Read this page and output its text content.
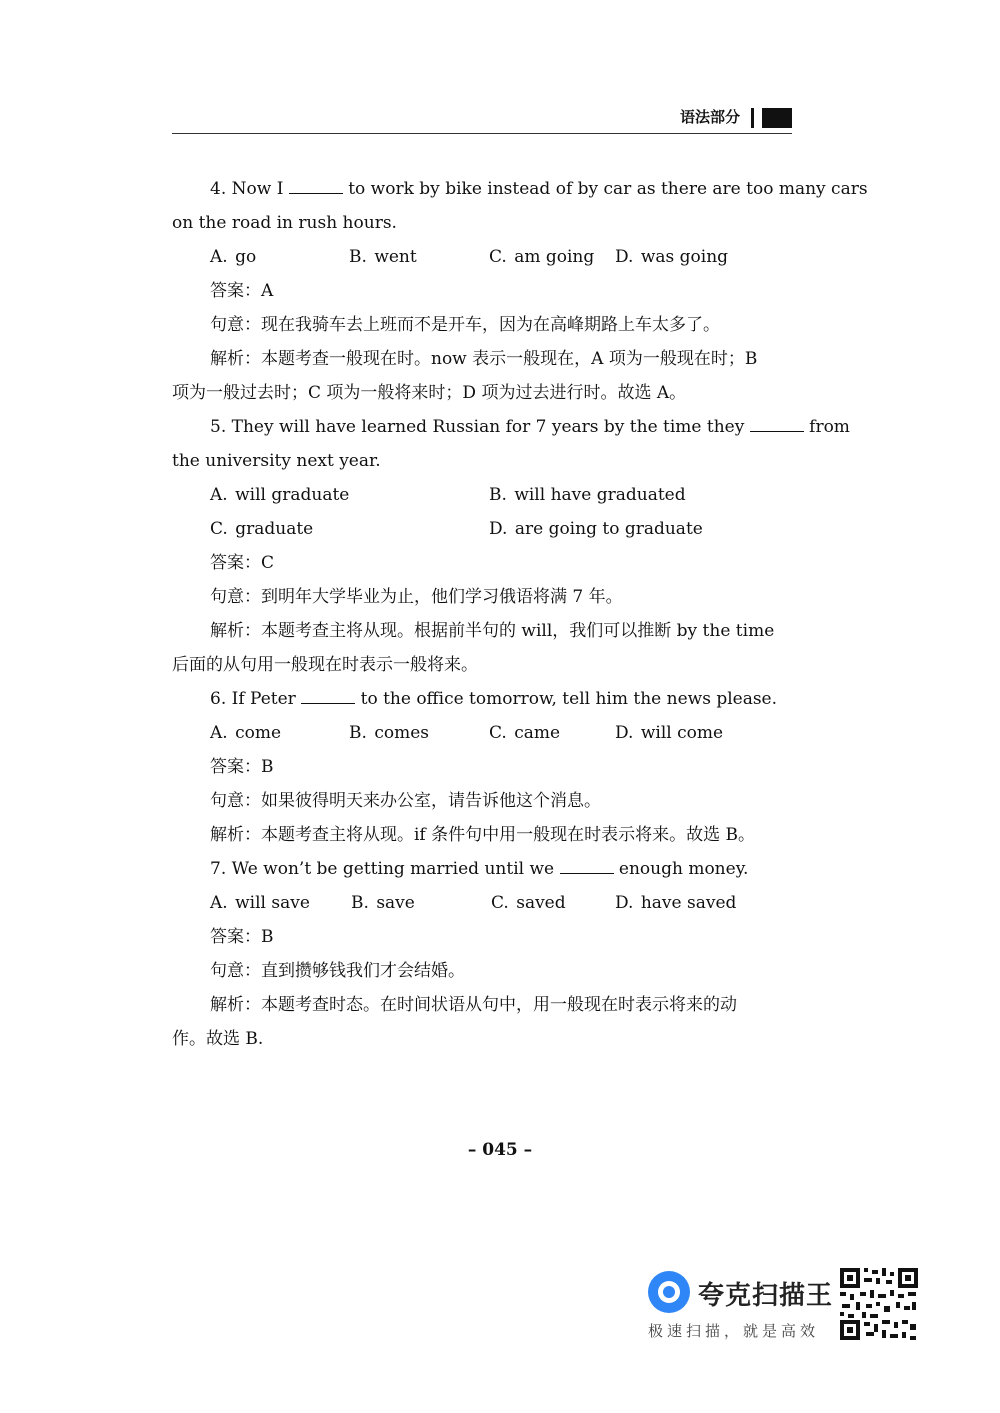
语法部分
4. Now I	to work by bike instead of by car as there are too many cars
on the road in rush hours.
A. go	B. went	C. am going D. was going
答案：A
句意：现在我骑车去上班而不是开车，因为在高峰期路上车太多了。
解析：本题考查一般现在时。now 表示一般现在，A 项为一般现在时；B
项为一般过去时；C 项为一般将来时；D 项为过去进行时。故选 A。
5. They will have learned Russian for 7 years by the time they	from
the university next year.
A. will graduate	B. will have graduated
C. graduate	D. are going to graduate
答案：C
句意：到明年大学毕业为止，他们学习俄语将满 7 年。
解析：本题考查主将从现。根据前半句的 will，我们可以推断 by the time
后面的从句用一般现在时表示一般将来。
6. If Peter	to the office tomorrow, tell him the news please.
A. come	B. comes	C. came	D. will come
答案：B
句意：如果彼得明天来办公室，请告诉他这个消息。
解析：本题考查主将从现。if 条件句中用一般现在时表示将来。故选 B。
7. We won’t be getting married until we	enough money.
A. will save B. save	C. saved	D. have saved
答案：B
句意：直到攒够钱我们才会结婚。
解析：本题考查时态。在时间状语从句中，用一般现在时表示将来的动
作。故选 B.
– 045 –
夸克扫描王
极速扫描，就是高效
